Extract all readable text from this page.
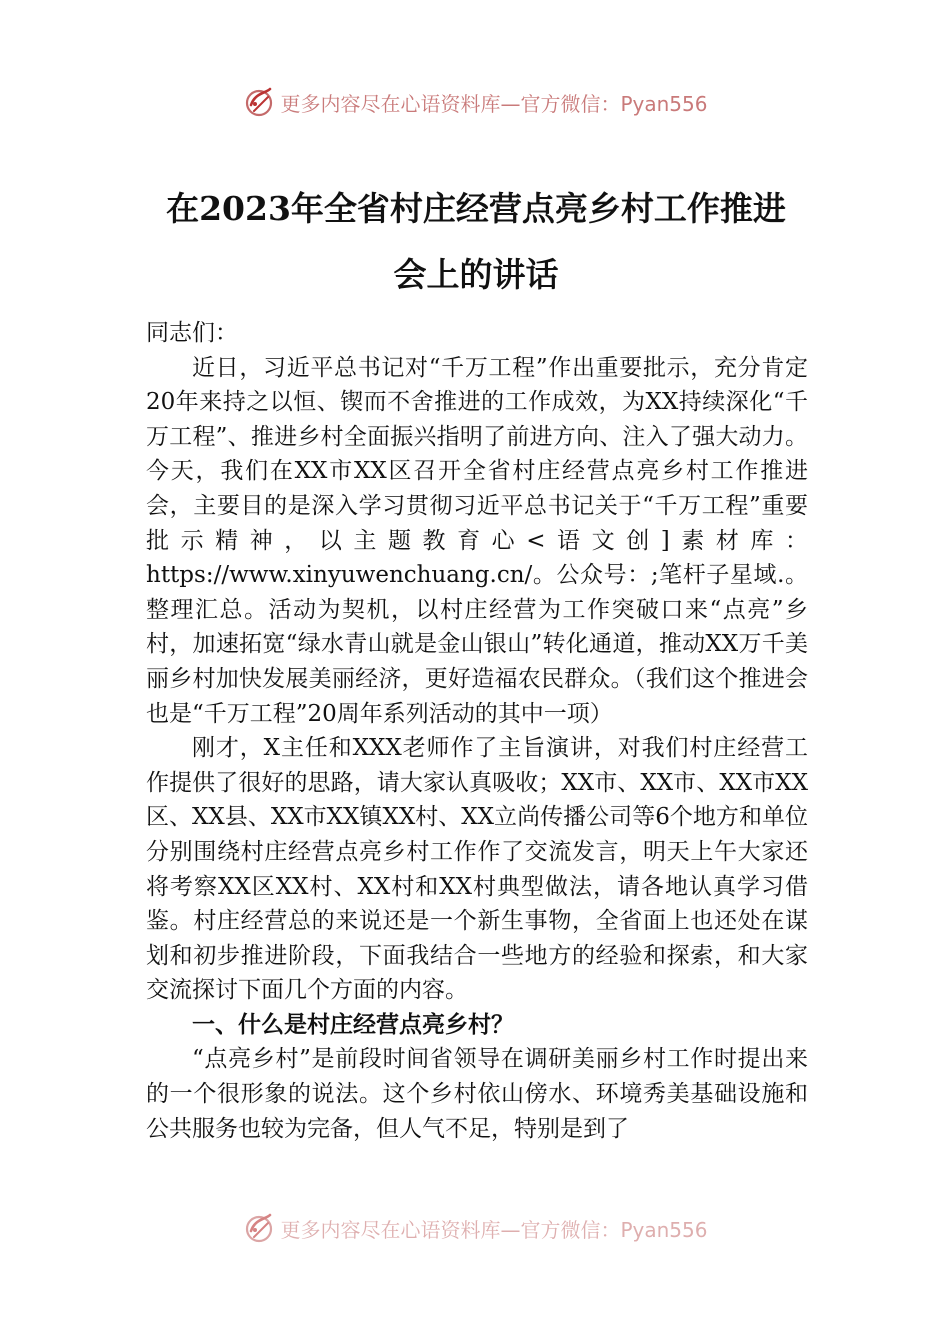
更多内容尽在心语资料库—官方微信：Pyan556
在2023年全省村庄经营点亮乡村工作推进
会上的讲话

同志们：

近日，习近平总书记对“千万工程”作出重要批示，充分肯定20年来持之以恒、锲而不舍推进的工作成效，为XX持续深化“千万工程”、推进乡村全面振兴指明了前进方向、注入了强大动力。今天，我们在XX市XX区召开全省村庄经营点亮乡村工作推进会，主要目的是深入学习贯彻习近平总书记关于“千万工程”重要批示精神，以主题教育心<语文创]素材库：https://www.xinyuwenchuang.cn/。公众号：;笔杆子星域.。整理汇总。活动为契机，以村庄经营为工作突破口来“点亮”乡村，加速拓宽“绿水青山就是金山银山”转化通道，推动XX万千美丽乡村加快发展美丽经济，更好造福农民群众。（我们这个推进会也是“千万工程”20周年系列活动的其中一项）

刚才，X主任和XXX老师作了主旨演讲，对我们村庄经营工作提供了很好的思路，请大家认真吸收；XX市、XX市、XX市XX区、XX县、XX市XX镇XX村、XX立尚传播公司等6个地方和单位分别围绕村庄经营点亮乡村工作作了交流发言，明天上午大家还将考察XX区XX村、XX村和XX村典型做法，请各地认真学习借鉴。村庄经营总的来说还是一个新生事物，全省面上也还处在谋划和初步推进阶段，下面我结合一些地方的经验和探索，和大家交流探讨下面几个方面的内容。

一、什么是村庄经营点亮乡村？

“点亮乡村”是前段时间省领导在调研美丽乡村工作时提出来的一个很形象的说法。这个乡村依山傍水、环境秀美基础设施和公共服务也较为完备，但人气不足，特别是到了

更多内容尽在心语资料库—官方微信：Pyan556
